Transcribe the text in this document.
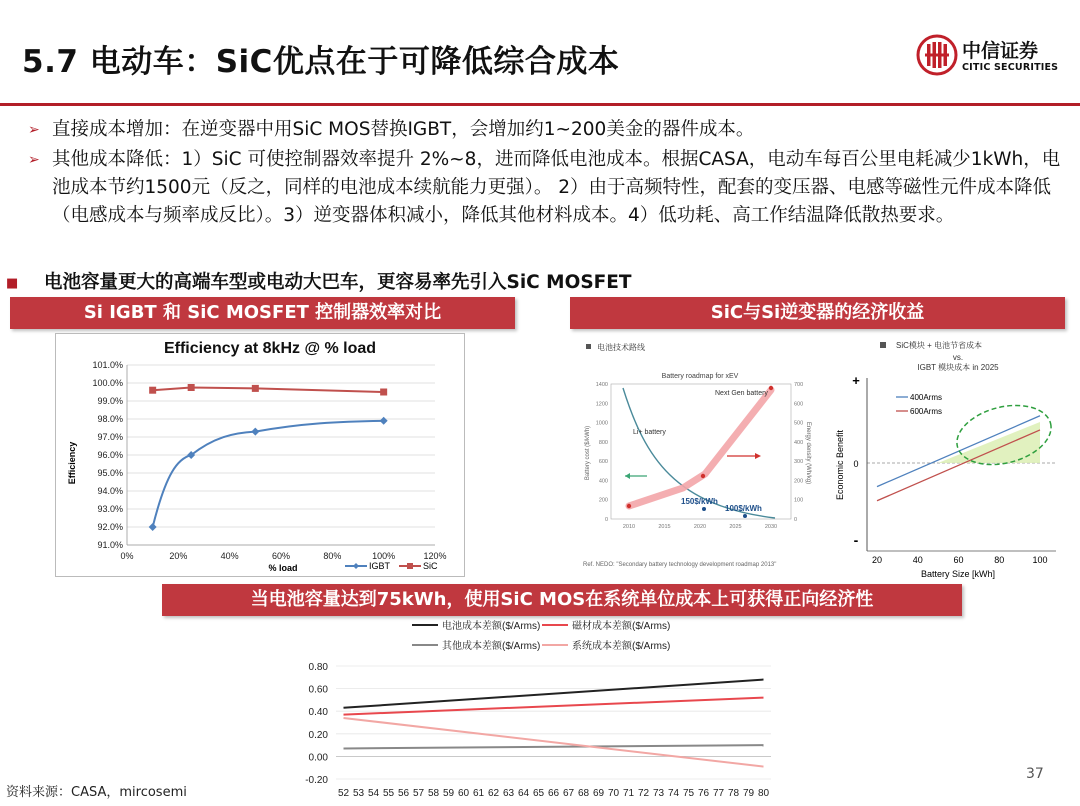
5.7 电动车：SiC优点在于可降低综合成本	中信证券
CITIC SECURITIES
➢ 直接成本增加：在逆变器中用SiC MOS替换IGBT，会增加约1~200美金的器件成本。
➢ 其他成本降低：1）SiC 可使控制器效率提升 2%~8，进而降低电池成本。根据CASA，电动车每百公里电耗减少1kWh，电池成本节约1500元（反之，同样的电池成本续航能力更强）。 2）由于高频特性，配套的变压器、电感等磁性元件成本降低（电感成本与频率成反比）。3）逆变器体积减小，降低其他材料成本。4）低功耗、高工作结温降低散热要求。
■ 电池容量更大的高端车型或电动大巴车，更容易率先引入SiC MOSFET
Si IGBT 和 SiC MOSFET 控制器效率对比	SiC与Si逆变器的经济收益
当电池容量达到75kWh，使用SiC MOS在系统单位成本上可获得正向经济性
Efficiency at 8kHz @ % load
Efficiency
% load
91.0%
92.0%
93.0%
94.0%
95.0%
96.0%
97.0%
98.0%
99.0%
100.0%
101.0%
0%	20%	40%	60%	80%	100%	120%
IGBT	SiC
电池技术路线
Battery roadmap for xEV
0
200
400
600
800
1000
1200
1400
0
100
200
300
400
500
600
700
2010	2015	2020	2025	2030
Battery cost ($/kWh)	Energy density (Wh/kg)
Li+ battery
Next Gen battery
150$/kWh
100$/kWh
Ref. NEDO: "Secondary battery technology development roadmap 2013"
SiC模块 + 电池节省成本
vs.
IGBT 模块成本 in 2025
+
0
-
20	40	60	80	100
Economic Benefit
Battery Size [kWh]
400Arms
600Arms
电池成本差额($/Arms)	磁材成本差额($/Arms)
其他成本差额($/Arms)	系统成本差额($/Arms)
-0.20
0.00
0.20
0.40
0.60
0.80
52 53 54 55 56 57 58 59 60 61 62 63 64 65 66 67 68 69 70 71 72 73 74 75 76 77 78 79 80
资料来源：CASA，mircosemi
37
